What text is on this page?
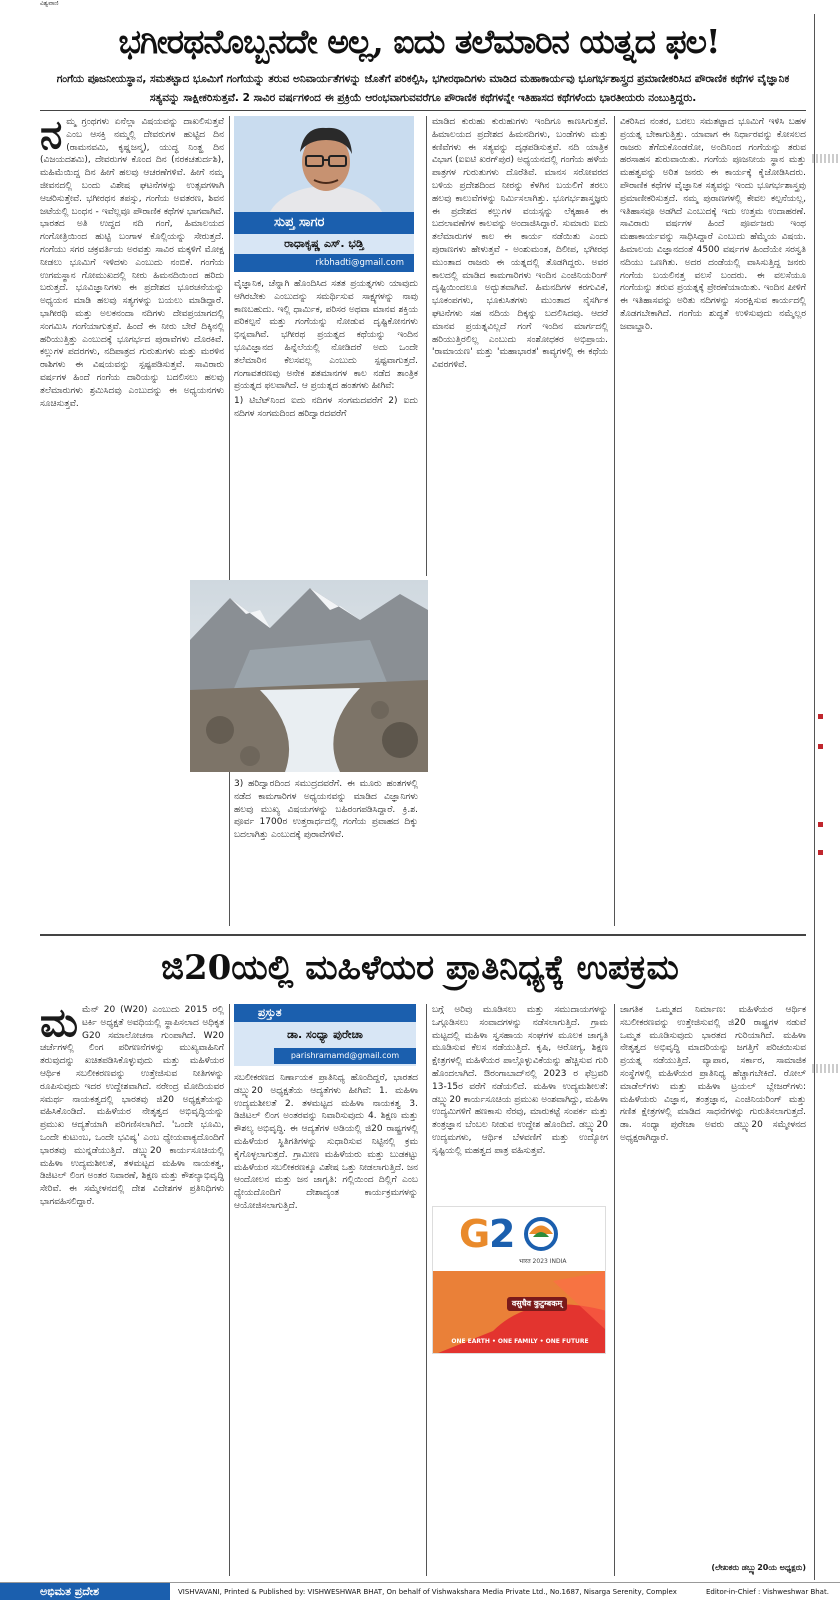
ವಿಶ್ವವಾಣಿ
ಭಗೀರಥನೊಬ್ಬನದೇ ಅಲ್ಲ, ಐದು ತಲೆಮಾರಿನ ಯತ್ನದ ಫಲ!
ಗಂಗೆಯ ಪೂಜನೀಯಸ್ಥಾನ, ಸಮತಟ್ಟಾದ ಭೂಮಿಗೆ ಗಂಗೆಯನ್ನು ತರುವ ಅನಿವಾರ್ಯತೆಗಳನ್ನು ಜೊತೆಗೆ ಪರಿಕಲ್ಪಿಸಿ, ಭಗೀರಥಾದಿಗಳು ಮಾಡಿದ ಮಹಾಕಾರ್ಯವು ಭೂಗರ್ಭಶಾಸ್ತ್ರದ ಪ್ರಮಾಣೀಕರಿಸಿದ ಪೌರಾಣಿಕ ಕಥೆಗಳ ವೈಜ್ಞಾನಿಕ ಸತ್ಯವನ್ನು ಸಾಕ್ಷೀಕರಿಸುತ್ತವೆ. 2 ಸಾವಿರ ವರ್ಷಗಳಿಂದ ಈ ಪ್ರಕ್ರಿಯೆ ಆರಂಭವಾಗುವವರೆಗೂ ಪೌರಾಣಿಕ ಕಥೆಗಳನ್ನೇ ಇತಿಹಾಸದ ಕಥೆಗಳೆಂದು ಭಾರತೀಯರು ನಂಬುತ್ತಿದ್ದರು.
ನ ಮ್ಮ ಗ್ರಂಥಗಳು ಏನೆಲ್ಲಾ ವಿಷಯವನ್ನು ದಾಖಲಿಸುತ್ತವೆ ಎಂಬ ಆಸಕ್ತಿ ನಮ್ಮಲ್ಲಿ ದೇವರುಗಳ ಹುಟ್ಟಿದ ದಿನ (ರಾಮನವಮಿ, ಕೃಷ್ಣಜನ್ಮ), ಯುದ್ಧ ನಿಂತ್ಹ ದಿನ (ವಿಜಯದಶಮಿ), ದೇವರುಗಳ ಕೊಂದ ದಿನ (ನರಕಚತುರ್ದಶಿ), ಮಹಿಮೆಯಿದ್ದ ದಿನ ಹೀಗೆ ಹಲವು ಆಚರಣೆಗಳಿವೆ. ಹೀಗೆ ನಮ್ಮ ಜೀವನದಲ್ಲಿ ಬಂದು ವಿಶೇಷ ಘಟನೆಗಳನ್ನು ಉತ್ಸವಗಳಾಗಿ ಆಚರಿಸುತ್ತೇವೆ. ಭಗೀರಥನ ತಪಸ್ಸು, ಗಂಗೆಯ ಅವತರಣ, ಶಿವನ ಜಟೆಯಲ್ಲಿ ಬಂಧನ - ಇವೆಲ್ಲವೂ ಪೌರಾಣಿಕ ಕಥೆಗಳ ಭಾಗವಾಗಿವೆ. ಭಾರತದ ಅತಿ ಉದ್ದದ ನದಿ ಗಂಗೆ, ಹಿಮಾಲಯದ ಗಂಗೋತ್ರಿಯಿಂದ ಹುಟ್ಟಿ ಬಂಗಾಳ ಕೊಲ್ಲಿಯನ್ನು ಸೇರುತ್ತದೆ. ಗಂಗೆಯು ಸಗರ ಚಕ್ರವರ್ತಿಯ ಅರವತ್ತು ಸಾವಿರ ಮಕ್ಕಳಿಗೆ ಮೋಕ್ಷ ನೀಡಲು ಭೂಮಿಗೆ ಇಳಿದಳು ಎಂಬುದು ನಂಬಿಕೆ. ಗಂಗೆಯ ಉಗಮಸ್ಥಾನ ಗೋಮುಖದಲ್ಲಿ ನೀರು ಹಿಮನದಿಯಿಂದ ಹರಿದು ಬರುತ್ತದೆ. ಭೂವಿಜ್ಞಾನಿಗಳು ಈ ಪ್ರದೇಶದ ಭೂರಚನೆಯನ್ನು ಅಧ್ಯಯನ ಮಾಡಿ ಹಲವು ಸತ್ಯಗಳನ್ನು ಬಯಲು ಮಾಡಿದ್ದಾರೆ. ಭಾಗೀರಥಿ ಮತ್ತು ಅಲಕನಂದಾ ನದಿಗಳು ದೇವಪ್ರಯಾಗದಲ್ಲಿ ಸಂಗಮಿಸಿ ಗಂಗೆಯಾಗುತ್ತವೆ. ಹಿಂದೆ ಈ ನೀರು ಬೇರೆ ದಿಕ್ಕಿನಲ್ಲಿ ಹರಿಯುತ್ತಿತ್ತು ಎಂಬುದಕ್ಕೆ ಭೂಗರ್ಭದ ಪುರಾವೆಗಳು ದೊರಕಿವೆ. ಕಲ್ಲುಗಳ ಪದರಗಳು, ನದಿಪಾತ್ರದ ಗುರುತುಗಳು ಮತ್ತು ಮರಳಿನ ರಾಶಿಗಳು ಈ ವಿಷಯವನ್ನು ಸ್ಪಷ್ಟಪಡಿಸುತ್ತವೆ. ಸಾವಿರಾರು ವರ್ಷಗಳ ಹಿಂದೆ ಗಂಗೆಯ ದಾರಿಯನ್ನು ಬದಲಿಸಲು ಹಲವು ತಲೆಮಾರುಗಳು ಶ್ರಮಿಸಿದವು ಎಂಬುದನ್ನು ಈ ಅಧ್ಯಯನಗಳು ಸೂಚಿಸುತ್ತವೆ.
ಸುಪ್ತ ಸಾಗರ
ರಾಧಾಕೃಷ್ಣ ಎಸ್. ಭಡ್ತಿ
rkbhadti@gmail.com

ವೈಜ್ಞಾನಿಕ, ಚೆನ್ನಾಗಿ ಹೊಂದಿಸಿದ ಸತತ ಪ್ರಯತ್ನಗಳು ಯಾವುದು ಆಗಿರಬೇಕು ಎಂಬುದನ್ನು ಸಮರ್ಥಿಸುವ ಸಾಕ್ಷ್ಯಗಳನ್ನು ನಾವು ಕಾಣಬಹುದು. ಇಲ್ಲಿ ಧಾರ್ಮಿಕ, ಪರಿಸರ ಅಥವಾ ಮಾನವ ಶಕ್ತಿಯ ಪರಿಕಲ್ಪನೆ ಮತ್ತು ಗಂಗೆಯನ್ನು ನೋಡುವ ದೃಷ್ಟಿಕೋನಗಳು ಭಿನ್ನವಾಗಿವೆ. ಭಗೀರಥ ಪ್ರಯತ್ನದ ಕಥೆಯನ್ನು ಇಂದಿನ ಭೂವಿಜ್ಞಾನದ ಹಿನ್ನೆಲೆಯಲ್ಲಿ ನೋಡಿದರೆ ಅದು ಒಂದೇ ತಲೆಮಾರಿನ ಕೆಲಸವಲ್ಲ ಎಂಬುದು ಸ್ಪಷ್ಟವಾಗುತ್ತದೆ. ಗಂಗಾವತರಣವು ಅನೇಕ ಶತಮಾನಗಳ ಕಾಲ ನಡೆದ ತಾಂತ್ರಿಕ ಪ್ರಯತ್ನದ ಫಲವಾಗಿದೆ. ಆ ಪ್ರಯತ್ನದ ಹಂತಗಳು ಹೀಗಿವೆ:

1) ಟಿಬೆಟ್‌ನಿಂದ ಐದು ನದಿಗಳ ಸಂಗಮದವರೆಗೆ 2) ಐದು ನದಿಗಳ ಸಂಗಮದಿಂದ ಹರಿದ್ವಾರದವರೆಗೆ

3) ಹರಿದ್ವಾರದಿಂದ ಸಮುದ್ರದವರೆಗೆ. ಈ ಮೂರು ಹಂತಗಳಲ್ಲಿ ನಡೆದ ಕಾಮಗಾರಿಗಳ ಅಧ್ಯಯನವನ್ನು ಮಾಡಿದ ವಿಜ್ಞಾನಿಗಳು ಹಲವು ಮುಖ್ಯ ವಿಷಯಗಳನ್ನು ಬಹಿರಂಗಪಡಿಸಿದ್ದಾರೆ. ಕ್ರಿ.ಶ. ಪೂರ್ವ 1700ರ ಉತ್ತರಾರ್ಧದಲ್ಲಿ ಗಂಗೆಯ ಪ್ರವಾಹದ ದಿಕ್ಕು ಬದಲಾಗಿತ್ತು ಎಂಬುದಕ್ಕೆ ಪುರಾವೆಗಳಿವೆ.

ಮಾಡಿದ ಕುರುಹು ಕುರುಹುಗಳು ಇಂದಿಗೂ ಕಾಣಸಿಗುತ್ತವೆ. ಹಿಮಾಲಯದ ಪ್ರದೇಶದ ಹಿಮನದಿಗಳು, ಬಂಡೆಗಳು ಮತ್ತು ಕಣಿವೆಗಳು ಈ ಸತ್ಯವನ್ನು ದೃಢಪಡಿಸುತ್ತವೆ. ನದಿ ಯಾತ್ರಿಕ ವಿಭಾಗ (ಐಐಟಿ ಖರಗ್‌ಪುರ) ಅಧ್ಯಯನದಲ್ಲಿ ಗಂಗೆಯ ಹಳೆಯ ಪಾತ್ರಗಳ ಗುರುತುಗಳು ದೊರೆತಿವೆ. ಮಾನಸ ಸರೋವರದ ಬಳಿಯ ಪ್ರದೇಶದಿಂದ ನೀರನ್ನು ಕೆಳಗಿನ ಬಯಲಿಗೆ ತರಲು ಹಲವು ಕಾಲುವೆಗಳನ್ನು ನಿರ್ಮಿಸಲಾಗಿತ್ತು. ಭೂಗರ್ಭಶಾಸ್ತ್ರಜ್ಞರು ಈ ಪ್ರದೇಶದ ಕಲ್ಲುಗಳ ವಯಸ್ಸನ್ನು ಲೆಕ್ಕಹಾಕಿ ಈ ಬದಲಾವಣೆಗಳ ಕಾಲವನ್ನು ಅಂದಾಜಿಸಿದ್ದಾರೆ. ಸುಮಾರು ಐದು ತಲೆಮಾರುಗಳ ಕಾಲ ಈ ಕಾರ್ಯ ನಡೆಯಿತು ಎಂದು ಪುರಾಣಗಳು ಹೇಳುತ್ತವೆ - ಅಂಶುಮಂತ, ದಿಲೀಪ, ಭಗೀರಥ ಮುಂತಾದ ರಾಜರು ಈ ಯತ್ನದಲ್ಲಿ ತೊಡಗಿದ್ದರು. ಅವರ ಕಾಲದಲ್ಲಿ ಮಾಡಿದ ಕಾಮಗಾರಿಗಳು ಇಂದಿನ ಎಂಜಿನಿಯರಿಂಗ್ ದೃಷ್ಟಿಯಿಂದಲೂ ಅದ್ಭುತವಾಗಿವೆ. ಹಿಮನದಿಗಳ ಕರಗುವಿಕೆ, ಭೂಕಂಪಗಳು, ಭೂಕುಸಿತಗಳು ಮುಂತಾದ ನೈಸರ್ಗಿಕ ಘಟನೆಗಳು ಸಹ ನದಿಯ ದಿಕ್ಕನ್ನು ಬದಲಿಸಿದವು. ಆದರೆ ಮಾನವ ಪ್ರಯತ್ನವಿಲ್ಲದೆ ಗಂಗೆ ಇಂದಿನ ಮಾರ್ಗದಲ್ಲಿ ಹರಿಯುತ್ತಿರಲಿಲ್ಲ ಎಂಬುದು ಸಂಶೋಧಕರ ಅಭಿಪ್ರಾಯ. 'ರಾಮಾಯಣ' ಮತ್ತು 'ಮಹಾಭಾರತ' ಕಾವ್ಯಗಳಲ್ಲಿ ಈ ಕಥೆಯ ವಿವರಗಳಿವೆ.

ವಿಕರಿಸಿದ ನಂತರ, ಬರಲು ಸಮತಟ್ಟಾದ ಭೂಮಿಗೆ ಇಳಿಸಿ ಬಹಳ ಪ್ರಯತ್ನ ಬೇಕಾಗುತ್ತಿತ್ತು. ಯಾವಾಗ ಈ ನಿರ್ಧಾರವನ್ನು ಕೋಸಲದ ರಾಜರು ತೆಗೆದುಕೊಂಡರೋ, ಅಂದಿನಿಂದ ಗಂಗೆಯನ್ನು ತರುವ ಹರಸಾಹಸ ಶುರುವಾಯಿತು. ಗಂಗೆಯ ಪೂಜನೀಯ ಸ್ಥಾನ ಮತ್ತು ಮಹತ್ವವನ್ನು ಅರಿತ ಜನರು ಈ ಕಾರ್ಯಕ್ಕೆ ಕೈಜೋಡಿಸಿದರು. ಪೌರಾಣಿಕ ಕಥೆಗಳ ವೈಜ್ಞಾನಿಕ ಸತ್ಯವನ್ನು ಇಂದು ಭೂಗರ್ಭಶಾಸ್ತ್ರವು ಪ್ರಮಾಣೀಕರಿಸುತ್ತದೆ. ನಮ್ಮ ಪುರಾಣಗಳಲ್ಲಿ ಕೇವಲ ಕಲ್ಪನೆಯಲ್ಲ, ಇತಿಹಾಸವೂ ಅಡಗಿದೆ ಎಂಬುದಕ್ಕೆ ಇದು ಉತ್ತಮ ಉದಾಹರಣೆ. ಸಾವಿರಾರು ವರ್ಷಗಳ ಹಿಂದೆ ಪೂರ್ವಜರು ಇಂಥ ಮಹಾಕಾರ್ಯವನ್ನು ಸಾಧಿಸಿದ್ದಾರೆ ಎಂಬುದು ಹೆಮ್ಮೆಯ ವಿಷಯ. ಹಿಮಾಲಯ ವಿಜ್ಞಾನದಂತೆ 4500 ವರ್ಷಗಳ ಹಿಂದೆಯೇ ಸರಸ್ವತಿ ನದಿಯು ಒಣಗಿತು. ಅದರ ದಂಡೆಯಲ್ಲಿ ವಾಸಿಸುತ್ತಿದ್ದ ಜನರು ಗಂಗೆಯ ಬಯಲಿನತ್ತ ವಲಸೆ ಬಂದರು. ಈ ವಲಸೆಯೂ ಗಂಗೆಯನ್ನು ತರುವ ಪ್ರಯತ್ನಕ್ಕೆ ಪ್ರೇರಣೆಯಾಯಿತು. ಇಂದಿನ ಪೀಳಿಗೆ ಈ ಇತಿಹಾಸವನ್ನು ಅರಿತು ನದಿಗಳನ್ನು ಸಂರಕ್ಷಿಸುವ ಕಾರ್ಯದಲ್ಲಿ ತೊಡಗಬೇಕಾಗಿದೆ. ಗಂಗೆಯ ಶುದ್ಧತೆ ಉಳಿಸುವುದು ನಮ್ಮೆಲ್ಲರ ಜವಾಬ್ದಾರಿ.

ಜಿ20ಯಲ್ಲಿ ಮಹಿಳೆಯರ ಪ್ರಾತಿನಿಧ್ಯಕ್ಕೆ ಉಪಕ್ರಮ
ಮ ಮೆನ್ 20 (W20) ಎಂಬುದು 2015 ರಲ್ಲಿ ಟರ್ಕಿ ಅಧ್ಯಕ್ಷತೆ ಅವಧಿಯಲ್ಲಿ ಸ್ಥಾಪಿಸಲಾದ ಅಧಿಕೃತ G20 ಸಮಾಲೋಚನಾ ಗುಂಪಾಗಿದೆ. W20 ಚರ್ಚೆಗಳಲ್ಲಿ ಲಿಂಗ ಪರಿಗಣನೆಗಳನ್ನು ಮುಖ್ಯವಾಹಿನಿಗೆ ತರುವುದನ್ನು ಖಚಿತಪಡಿಸಿಕೊಳ್ಳುವುದು ಮತ್ತು ಮಹಿಳೆಯರ ಆರ್ಥಿಕ ಸಬಲೀಕರಣವನ್ನು ಉತ್ತೇಜಿಸುವ ನೀತಿಗಳನ್ನು ರೂಪಿಸುವುದು ಇದರ ಉದ್ದೇಶವಾಗಿದೆ. ನರೇಂದ್ರ ಮೋದಿಯವರ ಸಮರ್ಥ ನಾಯಕತ್ವದಲ್ಲಿ ಭಾರತವು ಜಿ20 ಅಧ್ಯಕ್ಷತೆಯನ್ನು ವಹಿಸಿಕೊಂಡಿದೆ. ಮಹಿಳೆಯರ ನೇತೃತ್ವದ ಅಭಿವೃದ್ಧಿಯನ್ನು ಪ್ರಮುಖ ಆದ್ಯತೆಯಾಗಿ ಪರಿಗಣಿಸಲಾಗಿದೆ. 'ಒಂದೇ ಭೂಮಿ, ಒಂದೇ ಕುಟುಂಬ, ಒಂದೇ ಭವಿಷ್ಯ' ಎಂಬ ಧ್ಯೇಯವಾಕ್ಯದೊಂದಿಗೆ ಭಾರತವು ಮುನ್ನಡೆಯುತ್ತಿದೆ. ಡಬ್ಲ್ಯು20 ಕಾರ್ಯಸೂಚಿಯಲ್ಲಿ ಮಹಿಳಾ ಉದ್ಯಮಶೀಲತೆ, ತಳಮಟ್ಟದ ಮಹಿಳಾ ನಾಯಕತ್ವ, ಡಿಜಿಟಲ್ ಲಿಂಗ ಅಂತರ ನಿವಾರಣೆ, ಶಿಕ್ಷಣ ಮತ್ತು ಕೌಶಲ್ಯಾಭಿವೃದ್ಧಿ ಸೇರಿವೆ. ಈ ಸಮ್ಮೇಳನದಲ್ಲಿ ದೇಶ ವಿದೇಶಗಳ ಪ್ರತಿನಿಧಿಗಳು ಭಾಗವಹಿಸಲಿದ್ದಾರೆ.
ಪ್ರಸ್ತುತ
ಡಾ. ಸಂಧ್ಯಾ ಪುರೇಚಾ
parishramamd@gmail.com

ಸಬಲೀಕರಣದ ನಿರ್ಣಾಯಕ ಪ್ರಾತಿನಿಧ್ಯ ಹೊಂದಿದ್ದರೆ, ಭಾರತದ ಡಬ್ಲ್ಯು20 ಅಧ್ಯಕ್ಷತೆಯ ಆದ್ಯತೆಗಳು ಹೀಗಿವೆ: 1. ಮಹಿಳಾ ಉದ್ಯಮಶೀಲತೆ 2. ತಳಮಟ್ಟದ ಮಹಿಳಾ ನಾಯಕತ್ವ 3. ಡಿಜಿಟಲ್ ಲಿಂಗ ಅಂತರವನ್ನು ನಿವಾರಿಸುವುದು 4. ಶಿಕ್ಷಣ ಮತ್ತು ಕೌಶಲ್ಯ ಅಭಿವೃದ್ಧಿ. ಈ ಆದ್ಯತೆಗಳ ಅಡಿಯಲ್ಲಿ ಜಿ20 ರಾಷ್ಟ್ರಗಳಲ್ಲಿ ಮಹಿಳೆಯರ ಸ್ಥಿತಿಗತಿಗಳನ್ನು ಸುಧಾರಿಸುವ ನಿಟ್ಟಿನಲ್ಲಿ ಕ್ರಮ ಕೈಗೊಳ್ಳಲಾಗುತ್ತದೆ. ಗ್ರಾಮೀಣ ಮಹಿಳೆಯರು ಮತ್ತು ಬುಡಕಟ್ಟು ಮಹಿಳೆಯರ ಸಬಲೀಕರಣಕ್ಕೂ ವಿಶೇಷ ಒತ್ತು ನೀಡಲಾಗುತ್ತಿದೆ. ಜನ ಆಂದೋಲನ ಮತ್ತು ಜನ ಜಾಗೃತಿ: ಗಲ್ಲಿಯಿಂದ ದಿಲ್ಲಿಗೆ ಎಂಬ ಧ್ಯೇಯದೊಂದಿಗೆ ದೇಶಾದ್ಯಂತ ಕಾರ್ಯಕ್ರಮಗಳನ್ನು ಆಯೋಜಿಸಲಾಗುತ್ತಿದೆ.

ಬಗ್ಗೆ ಅರಿವು ಮೂಡಿಸಲು ಮತ್ತು ಸಮುದಾಯಗಳನ್ನು ಒಗ್ಗೂಡಿಸಲು ಸಂವಾದಗಳನ್ನು ನಡೆಸಲಾಗುತ್ತಿದೆ. ಗ್ರಾಮ ಮಟ್ಟದಲ್ಲಿ ಮಹಿಳಾ ಸ್ವಸಹಾಯ ಸಂಘಗಳ ಮೂಲಕ ಜಾಗೃತಿ ಮೂಡಿಸುವ ಕೆಲಸ ನಡೆಯುತ್ತಿದೆ. ಕೃಷಿ, ಆರೋಗ್ಯ, ಶಿಕ್ಷಣ ಕ್ಷೇತ್ರಗಳಲ್ಲಿ ಮಹಿಳೆಯರ ಪಾಲ್ಗೊಳ್ಳುವಿಕೆಯನ್ನು ಹೆಚ್ಚಿಸುವ ಗುರಿ ಹೊಂದಲಾಗಿದೆ. ಔರಂಗಾಬಾದ್‌ನಲ್ಲಿ 2023 ರ ಫೆಬ್ರವರಿ 13-15ರ ವರೆಗೆ ನಡೆಯಲಿದೆ. ಮಹಿಳಾ ಉದ್ಯಮಶೀಲತೆ: ಡಬ್ಲ್ಯು20 ಕಾರ್ಯಸೂಚಿಯ ಪ್ರಮುಖ ಅಂಶವಾಗಿದ್ದು, ಮಹಿಳಾ ಉದ್ಯಮಿಗಳಿಗೆ ಹಣಕಾಸು ನೆರವು, ಮಾರುಕಟ್ಟೆ ಸಂಪರ್ಕ ಮತ್ತು ತಂತ್ರಜ್ಞಾನ ಬೆಂಬಲ ನೀಡುವ ಉದ್ದೇಶ ಹೊಂದಿದೆ. ಡಬ್ಲ್ಯು20 ಉದ್ಯಮಗಳು, ಆರ್ಥಿಕ ಬೆಳವಣಿಗೆ ಮತ್ತು ಉದ್ಯೋಗ ಸೃಷ್ಟಿಯಲ್ಲಿ ಮಹತ್ವದ ಪಾತ್ರ ವಹಿಸುತ್ತವೆ.

G
2
भारत 2023 INDIA
वसुधैव कुटुम्बकम्
ONE EARTH • ONE FAMILY • ONE FUTURE

ಜಾಗತಿಕ ಒಮ್ಮತದ ನಿರ್ಮಾಣ: ಮಹಿಳೆಯರ ಆರ್ಥಿಕ ಸಬಲೀಕರಣವನ್ನು ಉತ್ತೇಜಿಸುವಲ್ಲಿ ಜಿ20 ರಾಷ್ಟ್ರಗಳ ನಡುವೆ ಒಮ್ಮತ ಮೂಡಿಸುವುದು ಭಾರತದ ಗುರಿಯಾಗಿದೆ. ಮಹಿಳಾ ನೇತೃತ್ವದ ಅಭಿವೃದ್ಧಿ ಮಾದರಿಯನ್ನು ಜಗತ್ತಿಗೆ ಪರಿಚಯಿಸುವ ಪ್ರಯತ್ನ ನಡೆಯುತ್ತಿದೆ. ವ್ಯಾಪಾರ, ಸರ್ಕಾರ, ಸಾಮಾಜಿಕ ಸಂಸ್ಥೆಗಳಲ್ಲಿ ಮಹಿಳೆಯರ ಪ್ರಾತಿನಿಧ್ಯ ಹೆಚ್ಚಾಗಬೇಕಿದೆ. ರೋಲ್ ಮಾಡೆಲ್‌ಗಳು ಮತ್ತು ಮಹಿಳಾ ಟ್ರಯಲ್ ಬ್ಲೇಜರ್‌ಗಳು: ಮಹಿಳೆಯರು ವಿಜ್ಞಾನ, ತಂತ್ರಜ್ಞಾನ, ಎಂಜಿನಿಯರಿಂಗ್ ಮತ್ತು ಗಣಿತ ಕ್ಷೇತ್ರಗಳಲ್ಲಿ ಮಾಡಿದ ಸಾಧನೆಗಳನ್ನು ಗುರುತಿಸಲಾಗುತ್ತದೆ. ಡಾ. ಸಂಧ್ಯಾ ಪುರೇಚಾ ಅವರು ಡಬ್ಲ್ಯು20 ಸಮ್ಮೇಳನದ ಅಧ್ಯಕ್ಷರಾಗಿದ್ದಾರೆ.

(ಲೇಖಕರು ಡಬ್ಲ್ಯು20ಯ ಅಧ್ಯಕ್ಷರು)
ಅಭಿಮತ ಪ್ರದೇಶ	VISHVAVANI, Printed & Published by: VISHWESHWAR BHAT, On behalf of Vishwakshara Media Private Ltd., No.1687, Nisarga Serenity, Complex	Editor-in-Chief : Vishweshwar Bhat.
